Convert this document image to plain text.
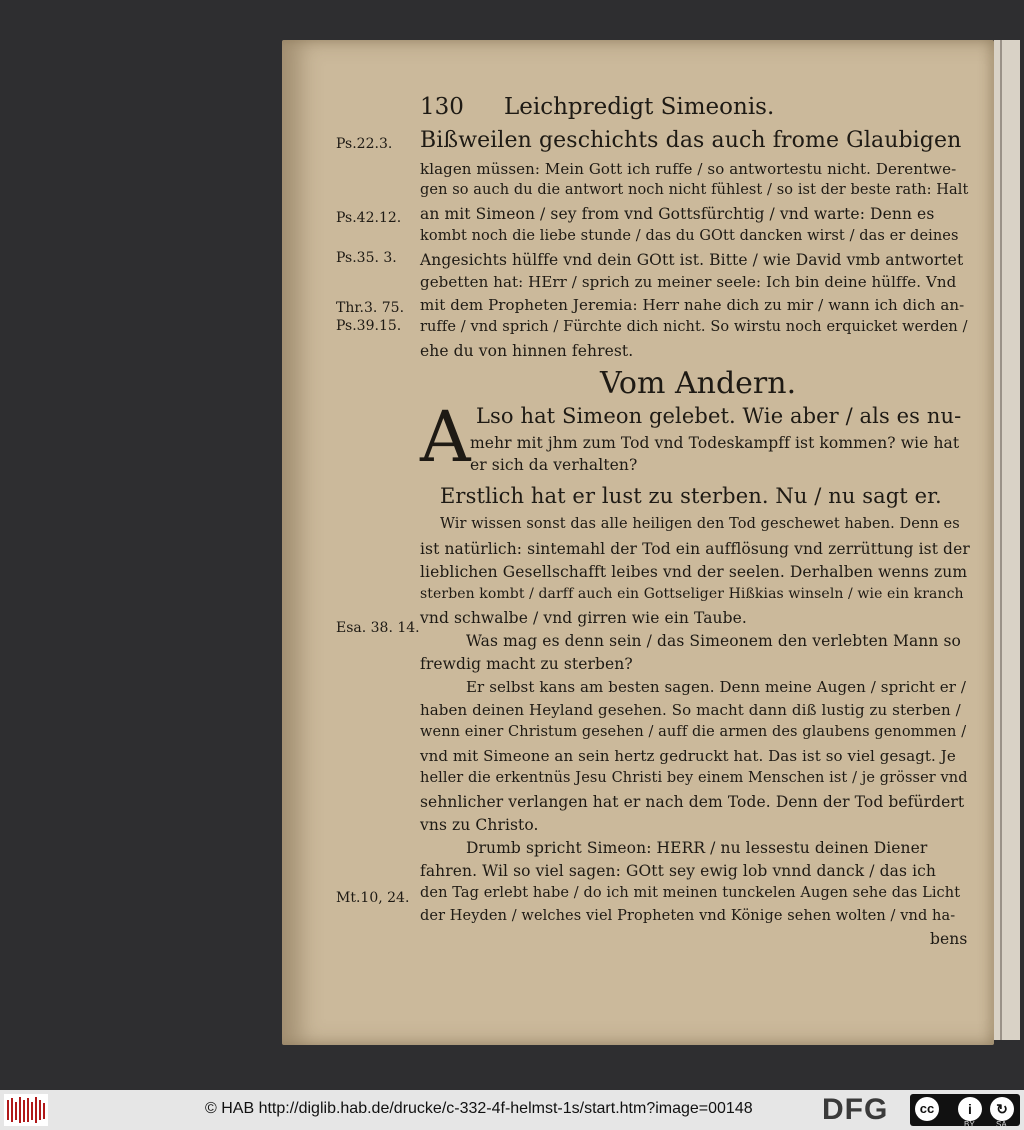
130 Leichpredigt Simeonis.
Ps.22.3.
Ps.42.12.
Ps.35. 3.
Thr.3. 75.
Ps.39.15.
Esa. 38. 14.
Mt.10, 24.
Bißweilen geschichts das auch frome Glaubigen
klagen müssen: Mein Gott ich ruffe / so antwortestu nicht. Derentwe-
gen so auch du die antwort noch nicht fühlest / so ist der beste rath: Halt
an mit Simeon / sey from vnd Gottsfürchtig / vnd warte: Denn es
kombt noch die liebe stunde / das du GOtt dancken wirst / das er deines
Angesichts hülffe vnd dein GOtt ist. Bitte / wie David vmb antwortet
gebetten hat: HErr / sprich zu meiner seele: Ich bin deine hülffe. Vnd
mit dem Propheten Jeremia: Herr nahe dich zu mir / wann ich dich an-
ruffe / vnd sprich / Fürchte dich nicht. So wirstu noch erquicket werden /
ehe du von hinnen fehrest.
Vom Andern.
A Lso hat Simeon gelebet. Wie aber / als es nu-
mehr mit jhm zum Tod vnd Todeskampff ist kommen? wie hat
er sich da verhalten?
Erstlich hat er lust zu sterben. Nu / nu sagt er.
Wir wissen sonst das alle heiligen den Tod geschewet haben. Denn es
ist natürlich: sintemahl der Tod ein aufflösung vnd zerrüttung ist der
lieblichen Gesellschafft leibes vnd der seelen. Derhalben wenns zum
sterben kombt / darff auch ein Gottseliger Hißkias winseln / wie ein kranch
vnd schwalbe / vnd girren wie ein Taube.
Was mag es denn sein / das Simeonem den verlebten Mann so
frewdig macht zu sterben?
Er selbst kans am besten sagen. Denn meine Augen / spricht er /
haben deinen Heyland gesehen. So macht dann diß lustig zu sterben /
wenn einer Christum gesehen / auff die armen des glaubens genommen /
vnd mit Simeone an sein hertz gedruckt hat. Das ist so viel gesagt. Je
heller die erkentnüs Jesu Christi bey einem Menschen ist / je grösser vnd
sehnlicher verlangen hat er nach dem Tode. Denn der Tod befürdert
vns zu Christo.
Drumb spricht Simeon: HERR / nu lessestu deinen Diener
fahren. Wil so viel sagen: GOtt sey ewig lob vnnd danck / das ich
den Tag erlebt habe / do ich mit meinen tunckelen Augen sehe das Licht
der Heyden / welches viel Propheten vnd Könige sehen wolten / vnd ha-
bens
© HAB http://diglib.hab.de/drucke/c-332-4f-helmst-1s/start.htm?image=00148 DFG	cc	i	↻
BY	SA
